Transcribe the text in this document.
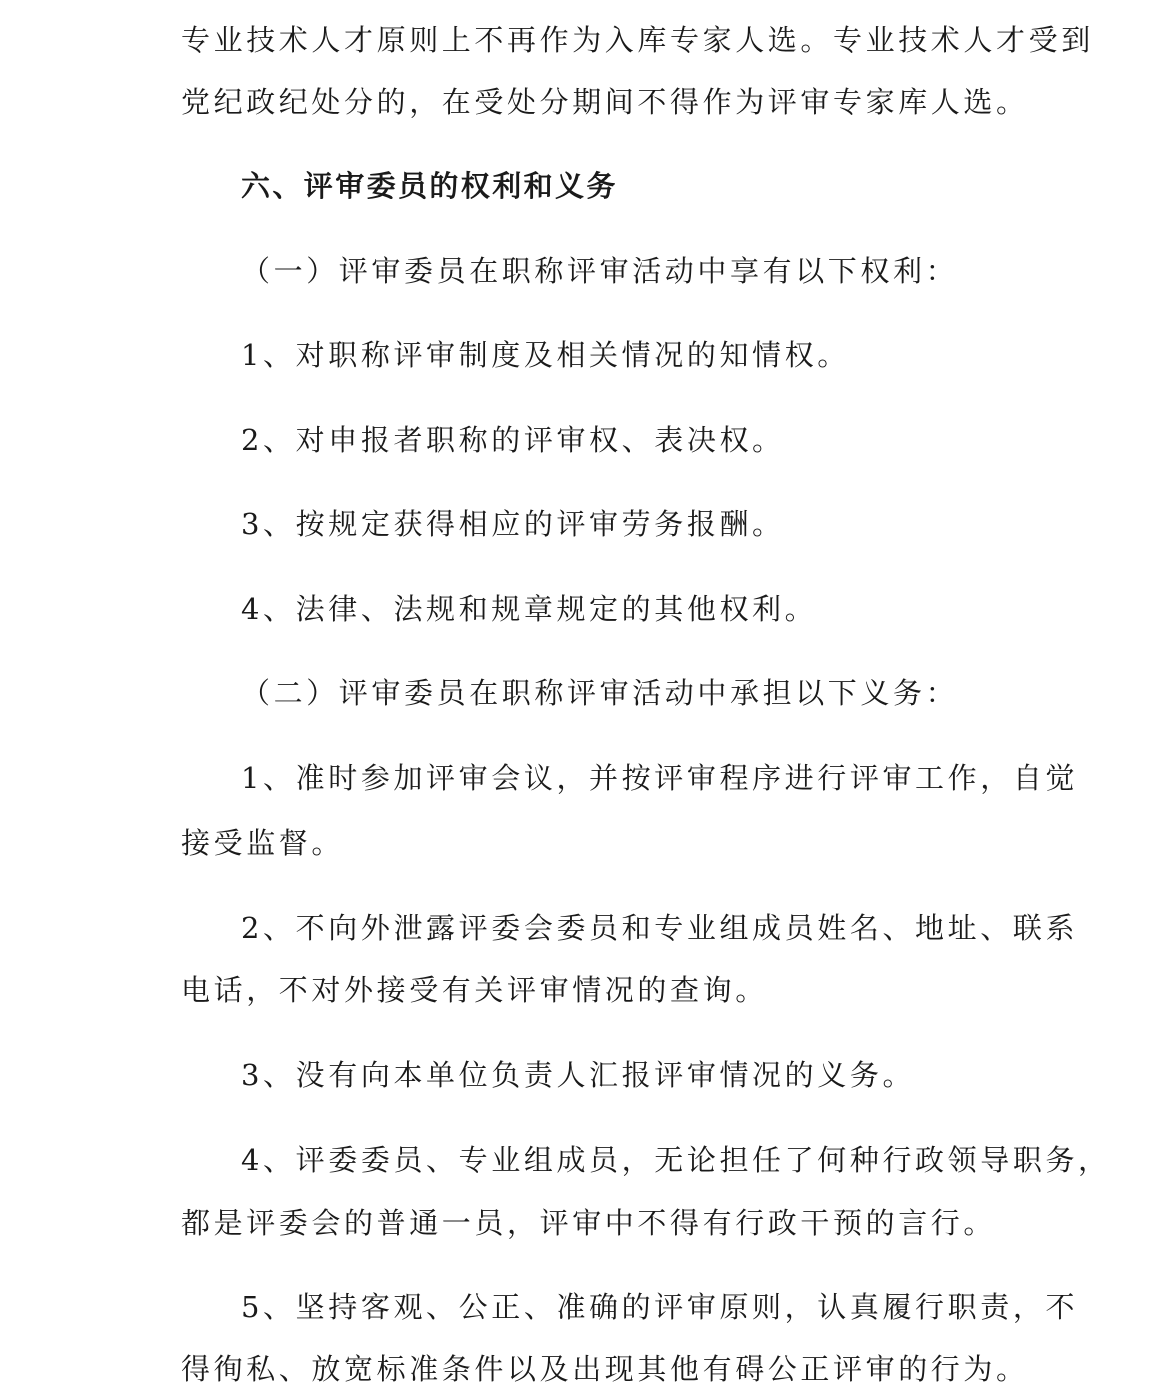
专业技术人才原则上不再作为入库专家人选。专业技术人才受到
党纪政纪处分的，在受处分期间不得作为评审专家库人选。
六、评审委员的权利和义务
（一）评审委员在职称评审活动中享有以下权利：
1、对职称评审制度及相关情况的知情权。
2、对申报者职称的评审权、表决权。
3、按规定获得相应的评审劳务报酬。
4、法律、法规和规章规定的其他权利。
（二）评审委员在职称评审活动中承担以下义务：
1、准时参加评审会议，并按评审程序进行评审工作，自觉
接受监督。
2、不向外泄露评委会委员和专业组成员姓名、地址、联系
电话，不对外接受有关评审情况的查询。
3、没有向本单位负责人汇报评审情况的义务。
4、评委委员、专业组成员，无论担任了何种行政领导职务，
都是评委会的普通一员，评审中不得有行政干预的言行。
5、坚持客观、公正、准确的评审原则，认真履行职责，不
得徇私、放宽标准条件以及出现其他有碍公正评审的行为。
